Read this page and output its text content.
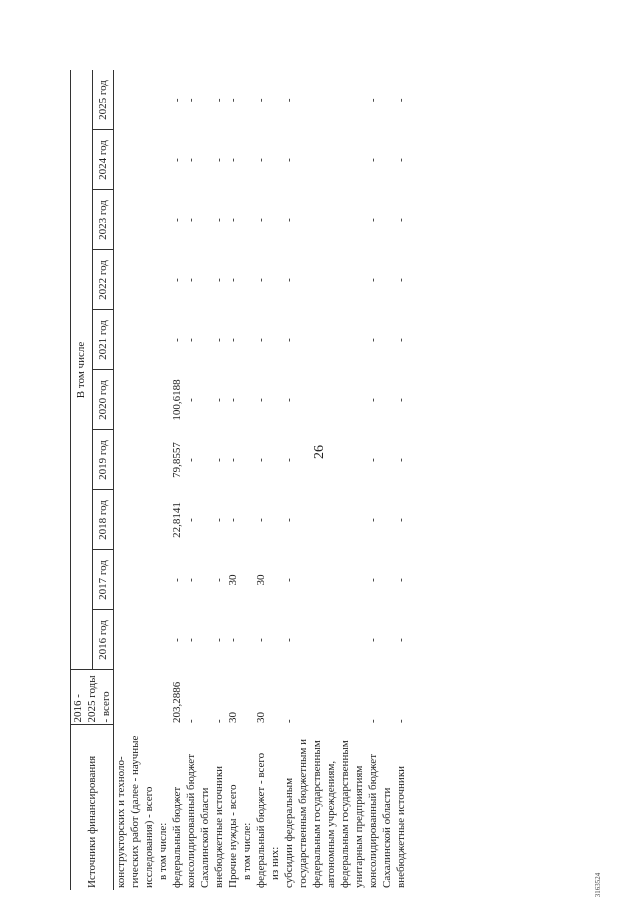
26
3163524
Источники финансирования	2016 - 2025 годы - всего	В том числе									
		2016 год	2017 год	2018 год	2019 год	2020 год	2021 год	2022 год	2023 год	2024 год	2025 год
конструкторских и техноло-гических работ (далее - научные исследования) - всего											
в том числе:											
федеральный бюджет	203,2886	-	-	22,8141	79,8557	100,6188	-	-	-	-	-
консолидированный бюджет Сахалинской области	-	-	-	-	-	-	-	-	-	-	-
внебюджетные источники	-	-	-	-	-	-	-	-	-	-	-
Прочие нужды - всего	30	-	30	-	-	-	-	-	-	-	-
в том числе:											
федеральный бюджет - всего	30	-	30	-	-	-	-	-	-	-	-
из них:											
субсидии федеральным государственным бюджетным и федеральным государственным автономным учреждениям, федеральным государственным унитарным предприятиям	-	-	-	-	-	-	-	-	-	-	-
консолидированный бюджет Сахалинской области	-	-	-	-	-	-	-	-	-	-	-
внебюджетные источники	-	-	-	-	-	-	-	-	-	-	-
